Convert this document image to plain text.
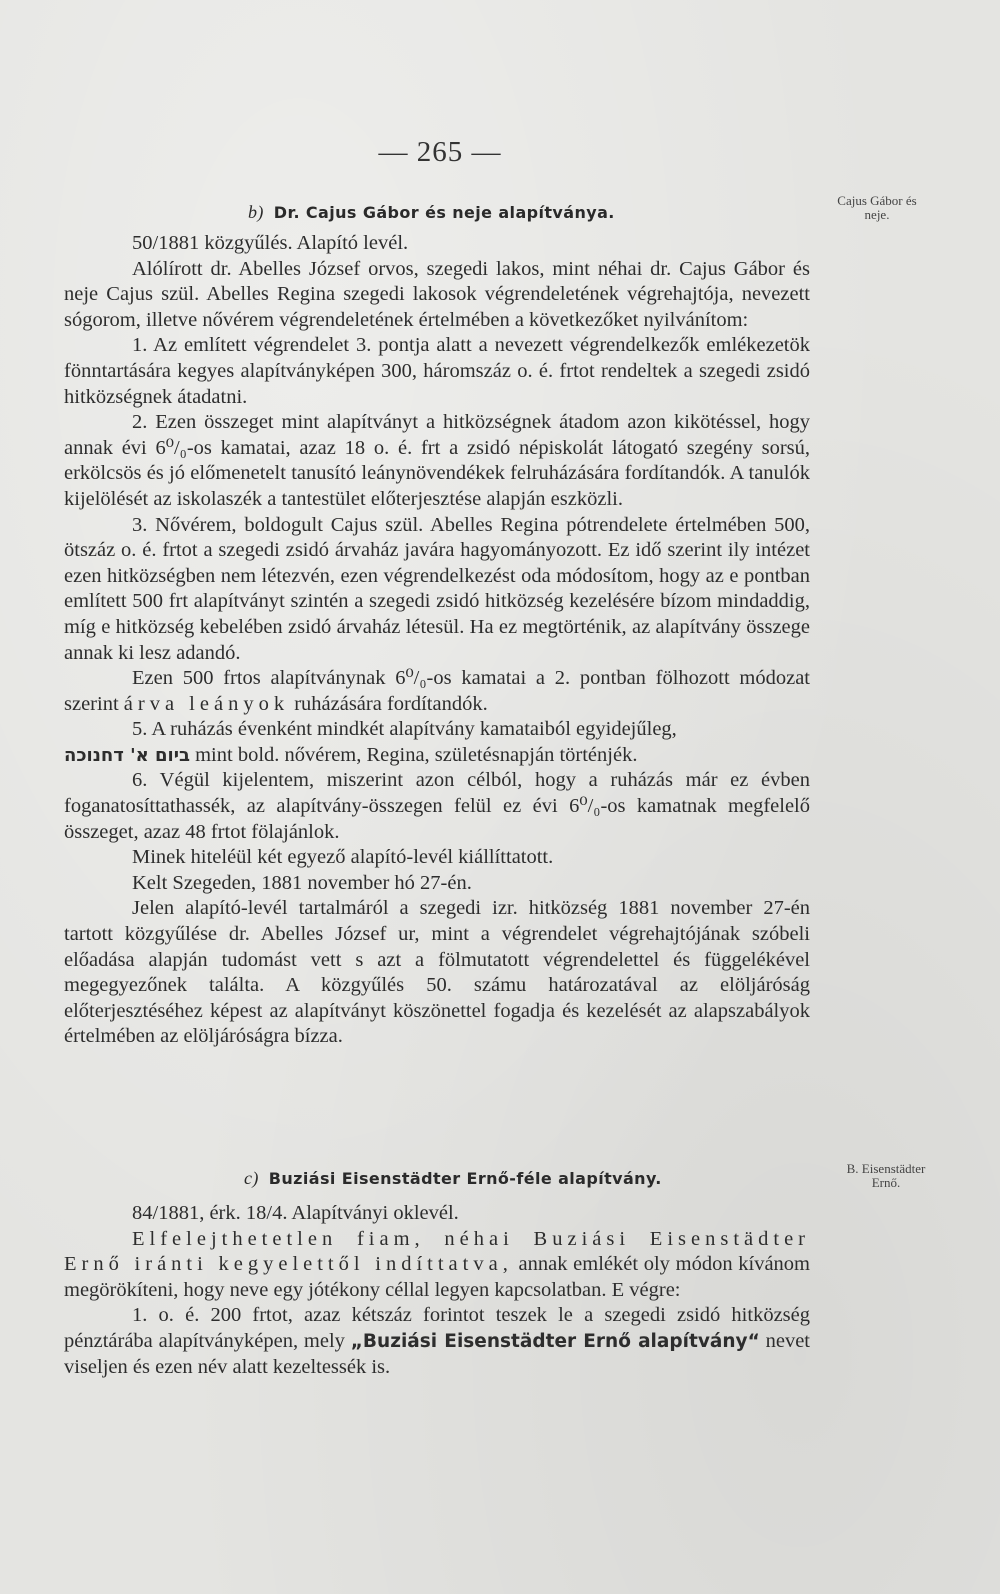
— 265 —
b) Dr. Cajus Gábor és neje alapítványa.
Cajus Gábor és
neje.

50/1881 közgyűlés. Alapító levél.

Alólírott dr. Abelles József orvos, szegedi lakos, mint néhai dr. Cajus Gábor és neje Cajus szül. Abelles Regina szegedi lakosok végrendeletének végrehajtója, nevezett sógorom, illetve nővérem végrendeletének értelmében a következőket nyilvánítom:

1. Az említett végrendelet 3. pontja alatt a nevezett végrendelkezők emlékezetök fönntartására kegyes alapítványképen 300, háromszáz o. é. frtot rendeltek a szegedi zsidó hitközségnek átadatni.

2. Ezen összeget mint alapítványt a hitközségnek átadom azon kikötéssel, hogy annak évi 6⁰/₀-os kamatai, azaz 18 o. é. frt a zsidó népiskolát látogató szegény sorsú, erkölcsös és jó előmenetelt tanusító leánynövendékek felruházására fordítandók. A tanulók kijelölését az iskolaszék a tantestület előterjesztése alapján eszközli.

3. Nővérem, boldogult Cajus szül. Abelles Regina pótrendelete értelmében 500, ötszáz o. é. frtot a szegedi zsidó árvaház javára hagyományozott. Ez idő szerint ily intézet ezen hitközségben nem létezvén, ezen végrendelkezést oda módosítom, hogy az e pontban említett 500 frt alapítványt szintén a szegedi zsidó hitközség kezelésére bízom mindaddig, míg e hitközség kebelében zsidó árvaház létesül. Ha ez megtörténik, az alapítvány összege annak ki lesz adandó.

Ezen 500 frtos alapítványnak 6⁰/₀-os kamatai a 2. pontban fölhozott módozat szerint árva leányok ruházására fordítandók.

5. A ruházás évenként mindkét alapítvány kamataiból egyidejűleg,

ביום א' דחנוכה mint bold. nővérem, Regina, születésnapján történjék.

6. Végül kijelentem, miszerint azon célból, hogy a ruházás már ez évben foganatosíttathassék, az alapítvány-összegen felül ez évi 6⁰/₀-os kamatnak megfelelő összeget, azaz 48 frtot fölajánlok.

Minek hiteléül két egyező alapító-levél kiállíttatott.

Kelt Szegeden, 1881 november hó 27-én.

Jelen alapító-levél tartalmáról a szegedi izr. hitközség 1881 november 27-én tartott közgyűlése dr. Abelles József ur, mint a végrendelet végrehajtójának szóbeli előadása alapján tudomást vett s azt a fölmutatott végrendelettel és függelékével megegyezőnek találta. A közgyűlés 50. számu határozatával az elöljáróság előterjesztéséhez képest az alapítványt köszönettel fogadja és kezelését az alapszabályok értelmében az elöljáróságra bízza.

c) Buziási Eisenstädter Ernő-féle alapítvány.
B. Eisenstädter
Ernő.

84/1881, érk. 18/4. Alapítványi oklevél.

Elfelejthetetlen fiam, néhai Buziási Eisenstädter Ernő iránti kegyelettől indíttatva, annak emlékét oly módon kívánom megörökíteni, hogy neve egy jótékony céllal legyen kapcsolatban. E végre:

1. o. é. 200 frtot, azaz kétszáz forintot teszek le a szegedi zsidó hitközség pénztárába alapítványképen, mely „Buziási Eisenstädter Ernő alapítvány“ nevet viseljen és ezen név alatt kezeltessék is.
